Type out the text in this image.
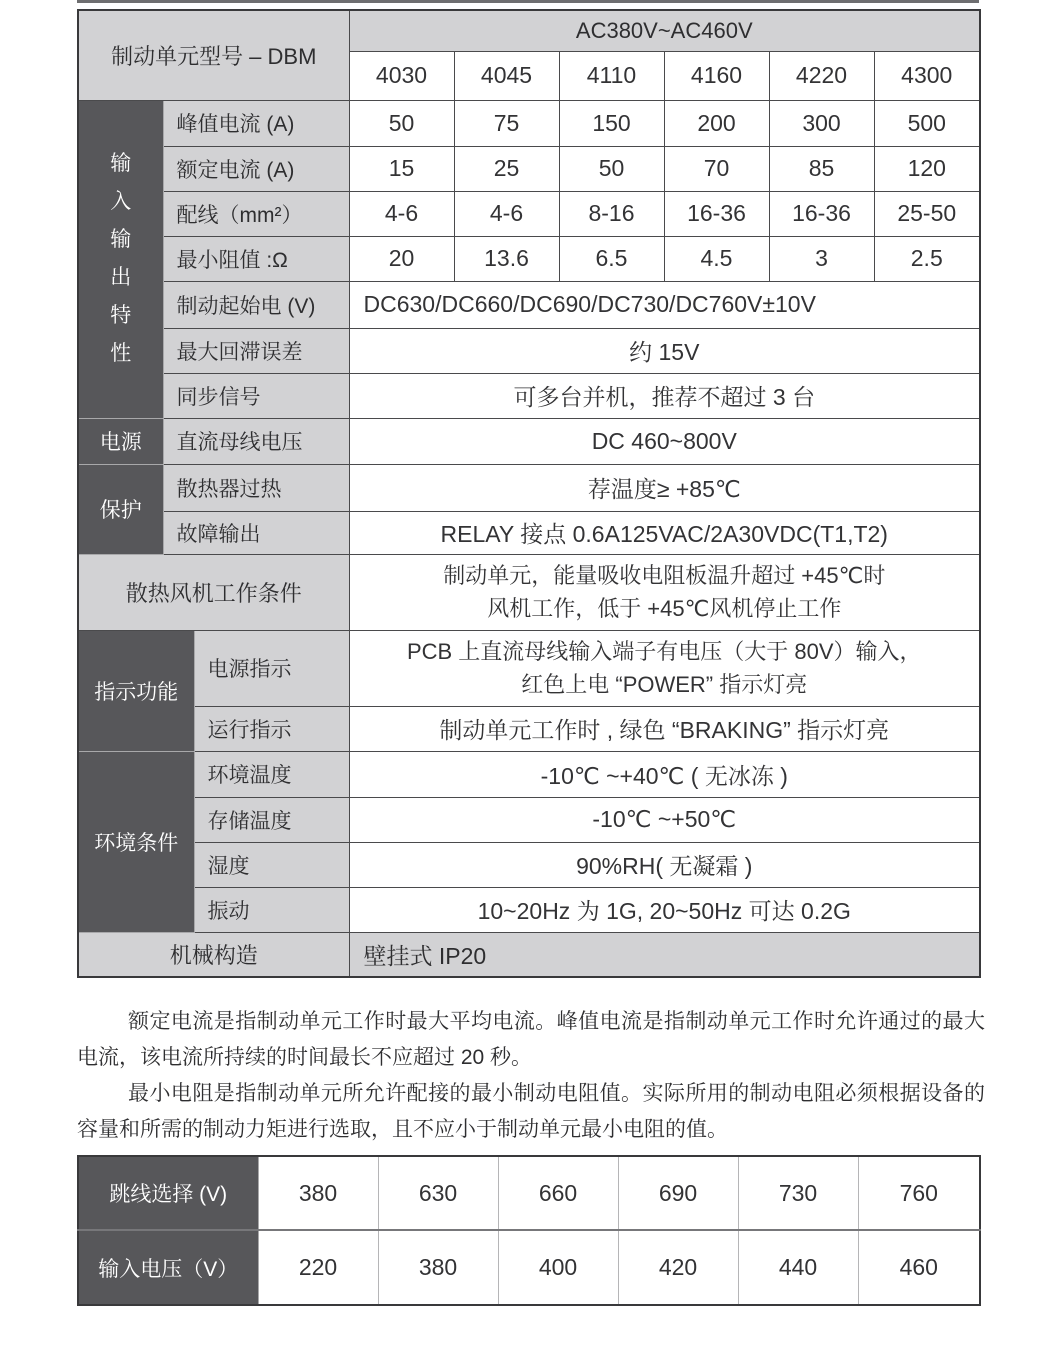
制动单元型号 – DBM			AC380V~AC460V					
			4030	4045	4110	4160	4220	4300

输入输出特性	峰值电流 (A)		50	75	150	200	300	500
	额定电流 (A)		15	25	50	70	85	120
	配线（mm²）		4-6	4-6	8-16	16-36	16-36	25-50
	最小阻值 :Ω		20	13.6	6.5	4.5	3	2.5
	制动起始电 (V)		DC630/DC660/DC690/DC730/DC760V±10V					
	最大回滞误差		约 15V					
	同步信号		可多台并机，推荐不超过 3 台					
电源	直流母线电压		DC 460~800V					
保护	散热器过热		荐温度≥ +85℃					
	故障输出		RELAY 接点 0.6A125VAC/2A30VDC(T1,T2)					
散热风机工作条件			制动单元，能量吸收电阻板温升超过 +45℃时
风机工作，低于 +45℃风机停止工作					

指示功能		电源指示	PCB 上直流母线输入端子有电压（大于 80V）输入，
红色上电 “POWER” 指示灯亮					

		运行指示	制动单元工作时 , 绿色 “BRAKING” 指示灯亮					
环境条件		环境温度	-10℃ ~+40℃ ( 无冰冻 )					
		存储温度	-10℃ ~+50℃					
		湿度	90%RH( 无凝霜 )					
		振动	10~20Hz 为 1G, 20~50Hz 可达 0.2G					
机械构造			壁挂式 IP20					

额定电流是指制动单元工作时最大平均电流。峰值电流是指制动单元工作时允许通过的最大电流，该电流所持续的时间最长不应超过 20 秒。

最小电阻是指制动单元所允许配接的最小制动电阻值。实际所用的制动电阻必须根据设备的容量和所需的制动力矩进行选取，且不应小于制动单元最小电阻的值。

跳线选择 (V)	380	630	660	690	730	760
输入电压（V）	220	380	400	420	440	460
